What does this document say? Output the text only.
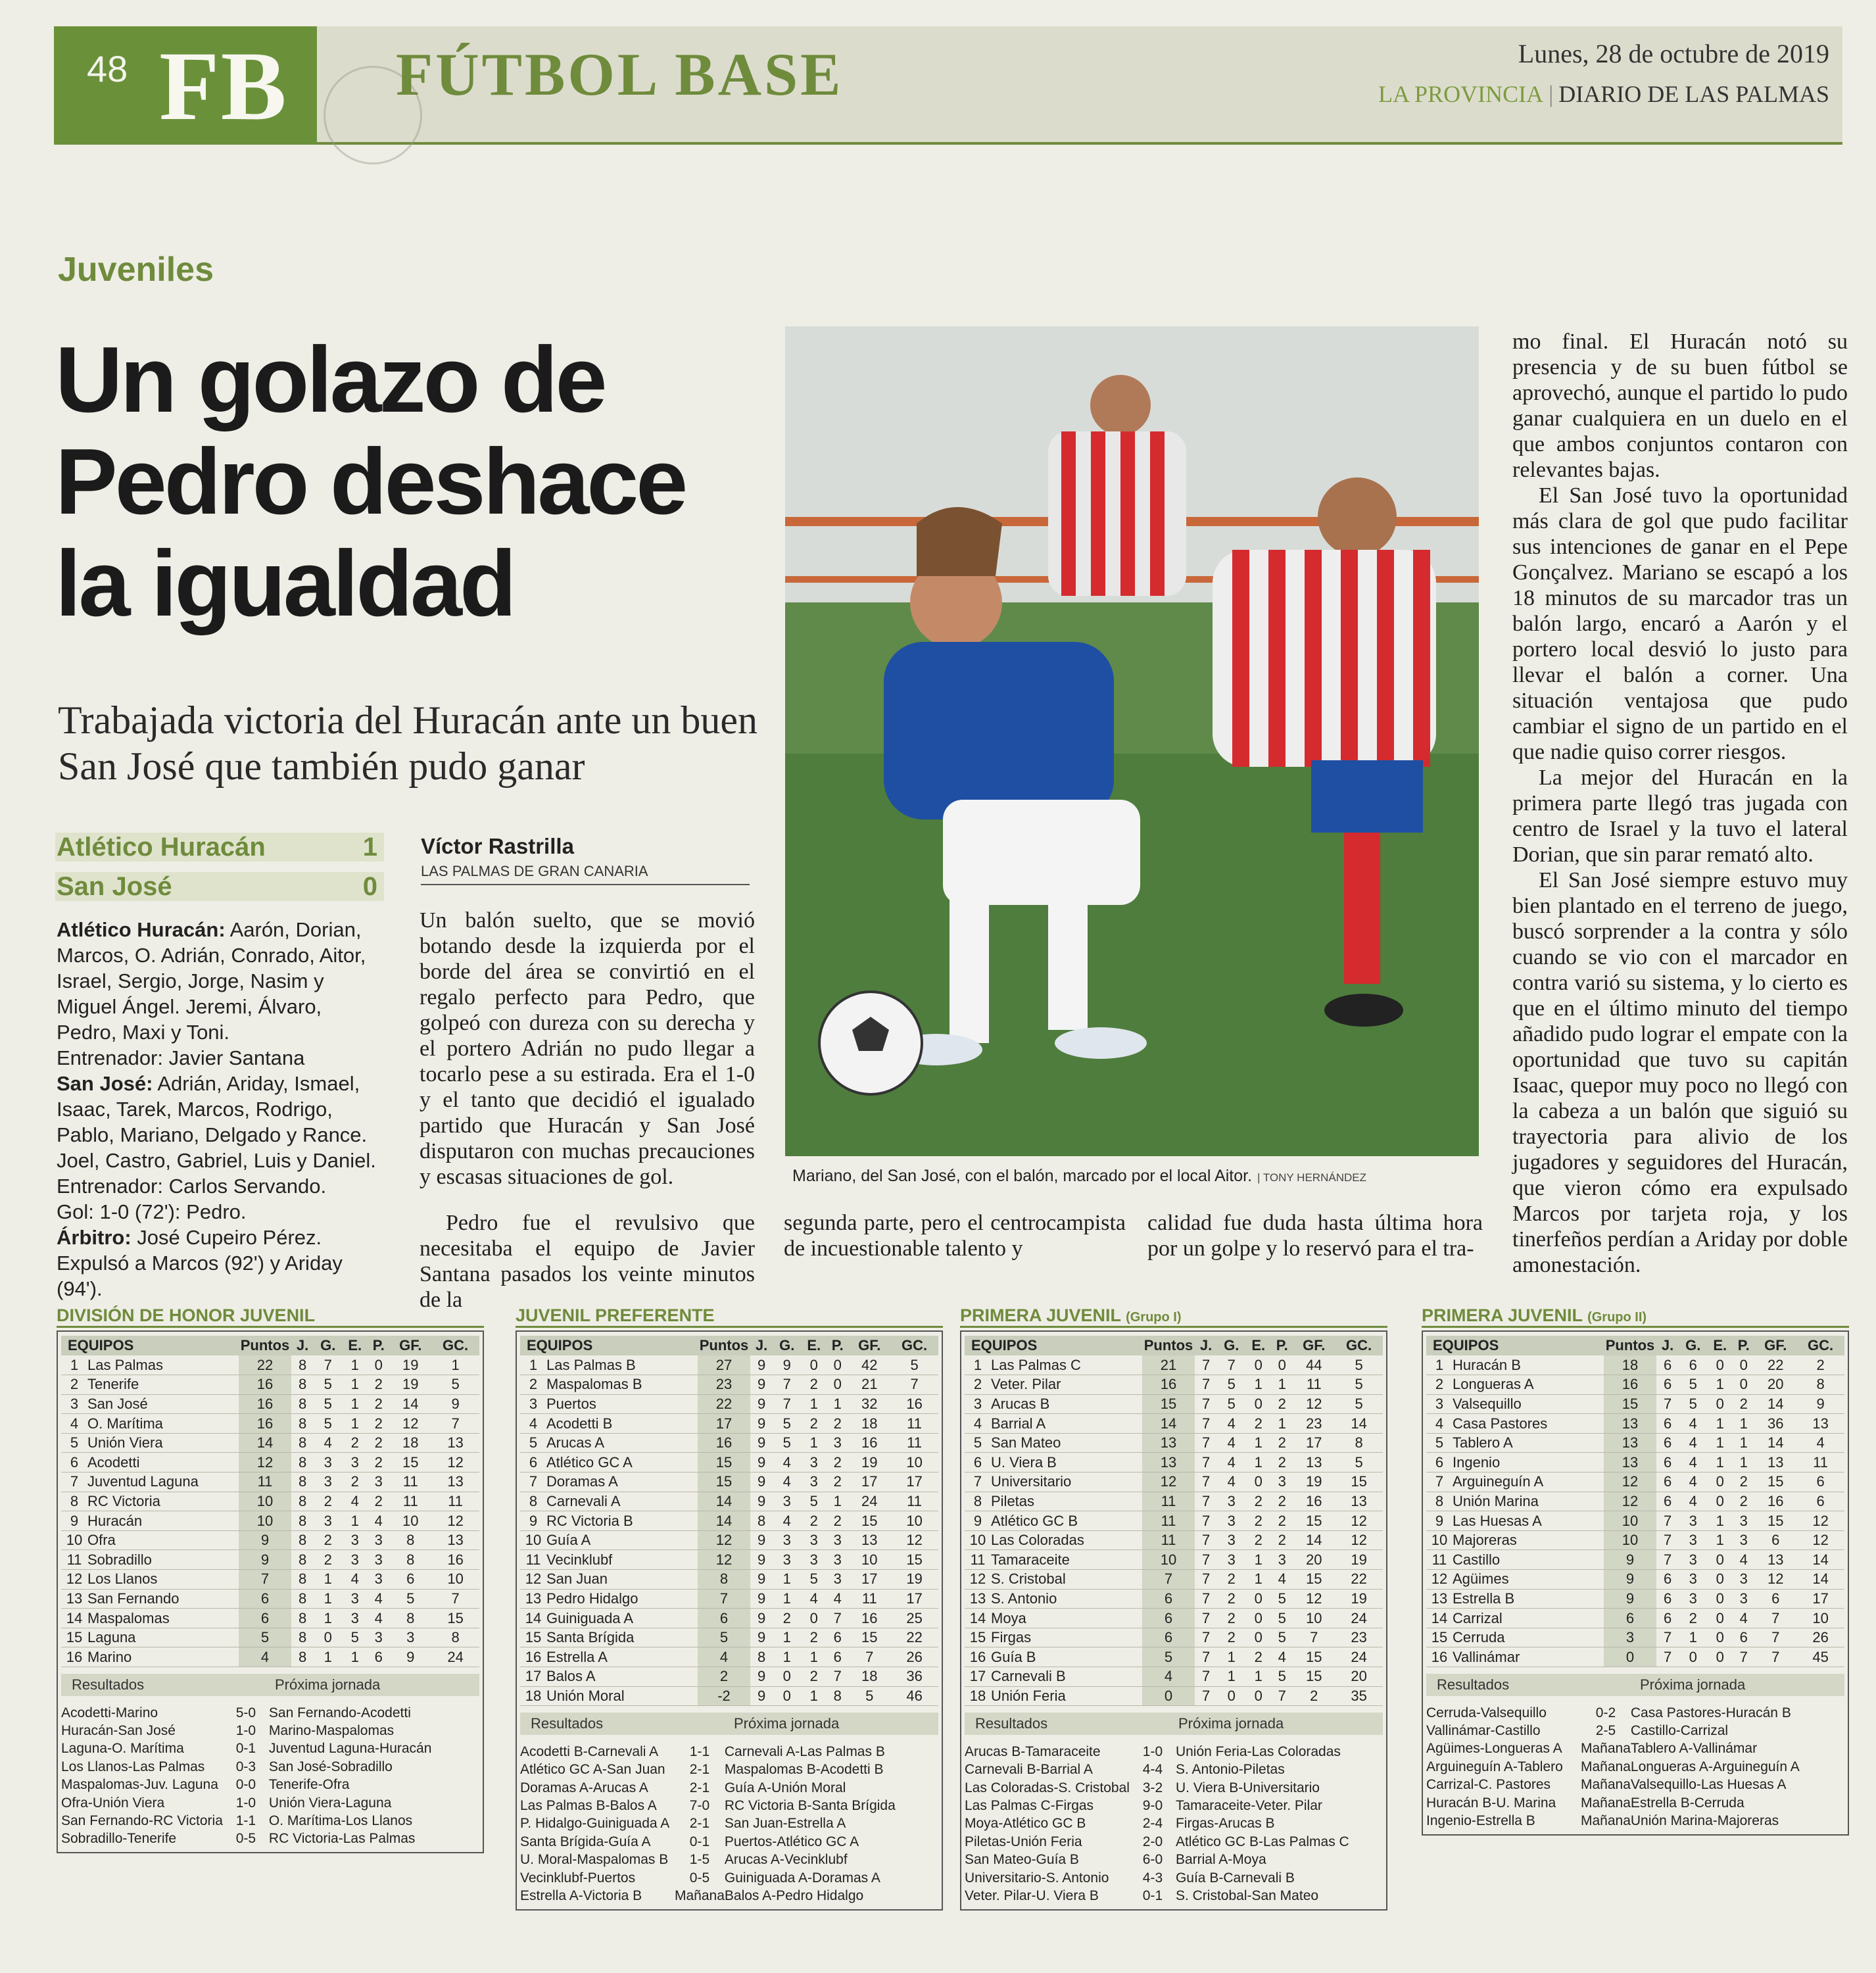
48 FB FÚTBOL BASE	Lunes, 28 de octubre de 2019
LA PROVINCIA | DIARIO DE LAS PALMAS
Juveniles
Un golazo de
Pedro deshace
la igualdad
Trabajada victoria del Huracán ante un buen San José que también pudo ganar
Atlético Huracán	1
San José	0
Atlético Huracán: Aarón, Dorian, Marcos, O. Adrián, Conrado, Aitor, Israel, Sergio, Jorge, Nasim y Miguel Ángel. Jeremi, Álvaro, Pedro, Maxi y Toni.
Entrenador: Javier Santana
San José: Adrián, Ariday, Ismael, Isaac, Tarek, Marcos, Rodrigo, Pablo, Mariano, Delgado y Rance. Joel, Castro, Gabriel, Luis y Daniel.
Entrenador: Carlos Servando.
Gol: 1-0 (72'): Pedro.
Árbitro: José Cupeiro Pérez. Expulsó a Marcos (92') y Ariday (94').
Víctor Rastrilla
LAS PALMAS DE GRAN CANARIA
Un balón suelto, que se movió botando desde la izquierda por el borde del área se convirtió en el regalo perfecto para Pedro, que golpeó con dureza con su derecha y el portero Adrián no pudo llegar a tocarlo pese a su estirada. Era el 1-0 y el tanto que decidió el igualado partido que Huracán y San José disputaron con muchas precauciones y escasas situaciones de gol.
Pedro fue el revulsivo que necesitaba el equipo de Javier Santana pasados los veinte minutos de la
segunda parte, pero el centrocampista de incuestionable talento y
calidad fue duda hasta última hora por un golpe y lo reservó para el tra-

mo final. El Huracán notó su presencia y de su buen fútbol se aprovechó, aunque el partido lo pudo ganar cualquiera en un duelo en el que ambos conjuntos contaron con relevantes bajas.

El San José tuvo la oportunidad más clara de gol que pudo facilitar sus intenciones de ganar en el Pepe Gonçalvez. Mariano se escapó a los 18 minutos de su marcador tras un balón largo, encaró a Aarón y el portero local desvió lo justo para llevar el balón a corner. Una situación ventajosa que pudo cambiar el signo de un partido en el que nadie quiso correr riesgos.

La mejor del Huracán en la primera parte llegó tras jugada con centro de Israel y la tuvo el lateral Dorian, que sin parar remató alto.

El San José siempre estuvo muy bien plantado en el terreno de juego, buscó sorprender a la contra y sólo cuando se vio con el marcador en contra varió su sistema, y lo cierto es que en el último minuto del tiempo añadido pudo lograr el empate con la oportunidad que tuvo su capitán Isaac, quepor muy poco no llegó con la cabeza a un balón que siguió su trayectoria para alivio de los jugadores y seguidores del Huracán, que vieron cómo era expulsado Marcos por tarjeta roja, y los tinerfeños perdían a Ariday por doble amonestación.

Mariano, del San José, con el balón, marcado por el local Aitor. | TONY HERNÁNDEZ
DIVISIÓN DE HONOR JUVENIL
EQUIPOS		Puntos	J.	G.	E.	P.	GF.	GC.
1	Las Palmas	22	8	7	1	0	19	1
2	Tenerife	16	8	5	1	2	19	5
3	San José	16	8	5	1	2	14	9
4	O. Marítima	16	8	5	1	2	12	7
5	Unión Viera	14	8	4	2	2	18	13
6	Acodetti	12	8	3	3	2	15	12
7	Juventud Laguna	11	8	3	2	3	11	13
8	RC Victoria	10	8	2	4	2	11	11
9	Huracán	10	8	3	1	4	10	12
10	Ofra	9	8	2	3	3	8	13
11	Sobradillo	9	8	2	3	3	8	16
12	Los Llanos	7	8	1	4	3	6	10
13	San Fernando	6	8	1	3	4	5	7
14	Maspalomas	6	8	1	3	4	8	15
15	Laguna	5	8	0	5	3	3	8
16	Marino	4	8	1	1	6	9	24
Resultados	Próxima jornada
Acodetti-Marino	5-0	San Fernando-Acodetti
Huracán-San José	1-0	Marino-Maspalomas
Laguna-O. Marítima	0-1	Juventud Laguna-Huracán
Los Llanos-Las Palmas	0-3	San José-Sobradillo
Maspalomas-Juv. Laguna	0-0	Tenerife-Ofra
Ofra-Unión Viera	1-0	Unión Viera-Laguna
San Fernando-RC Victoria	1-1	O. Marítima-Los Llanos
Sobradillo-Tenerife	0-5	RC Victoria-Las Palmas
JUVENIL PREFERENTE
EQUIPOS		Puntos	J.	G.	E.	P.	GF.	GC.
1	Las Palmas B	27	9	9	0	0	42	5
2	Maspalomas B	23	9	7	2	0	21	7
3	Puertos	22	9	7	1	1	32	16
4	Acodetti B	17	9	5	2	2	18	11
5	Arucas A	16	9	5	1	3	16	11
6	Atlético GC A	15	9	4	3	2	19	10
7	Doramas A	15	9	4	3	2	17	17
8	Carnevali A	14	9	3	5	1	24	11
9	RC Victoria B	14	8	4	2	2	15	10
10	Guía A	12	9	3	3	3	13	12
11	Vecinklubf	12	9	3	3	3	10	15
12	San Juan	8	9	1	5	3	17	19
13	Pedro Hidalgo	7	9	1	4	4	11	17
14	Guiniguada A	6	9	2	0	7	16	25
15	Santa Brígida	5	9	1	2	6	15	22
16	Estrella A	4	8	1	1	6	7	26
17	Balos A	2	9	0	2	7	18	36
18	Unión Moral	-2	9	0	1	8	5	46
Resultados	Próxima jornada
Acodetti B-Carnevali A	1-1	Carnevali A-Las Palmas B
Atlético GC A-San Juan	2-1	Maspalomas B-Acodetti B
Doramas A-Arucas A	2-1	Guía A-Unión Moral
Las Palmas B-Balos A	7-0	RC Victoria B-Santa Brígida
P. Hidalgo-Guiniguada A	2-1	San Juan-Estrella A
Santa Brígida-Guía A	0-1	Puertos-Atlético GC A
U. Moral-Maspalomas B	1-5	Arucas A-Vecinklubf
Vecinklubf-Puertos	0-5	Guiniguada A-Doramas A
Estrella A-Victoria B	Mañana	Balos A-Pedro Hidalgo
PRIMERA JUVENIL (Grupo I)
EQUIPOS		Puntos	J.	G.	E.	P.	GF.	GC.
1	Las Palmas C	21	7	7	0	0	44	5
2	Veter. Pilar	16	7	5	1	1	11	5
3	Arucas B	15	7	5	0	2	12	5
4	Barrial A	14	7	4	2	1	23	14
5	San Mateo	13	7	4	1	2	17	8
6	U. Viera B	13	7	4	1	2	13	5
7	Universitario	12	7	4	0	3	19	15
8	Piletas	11	7	3	2	2	16	13
9	Atlético GC B	11	7	3	2	2	15	12
10	Las Coloradas	11	7	3	2	2	14	12
11	Tamaraceite	10	7	3	1	3	20	19
12	S. Cristobal	7	7	2	1	4	15	22
13	S. Antonio	6	7	2	0	5	12	19
14	Moya	6	7	2	0	5	10	24
15	Firgas	6	7	2	0	5	7	23
16	Guía B	5	7	1	2	4	15	24
17	Carnevali B	4	7	1	1	5	15	20
18	Unión Feria	0	7	0	0	7	2	35
Resultados	Próxima jornada
Arucas B-Tamaraceite	1-0	Unión Feria-Las Coloradas
Carnevali B-Barrial A	4-4	S. Antonio-Piletas
Las Coloradas-S. Cristobal	3-2	U. Viera B-Universitario
Las Palmas C-Firgas	9-0	Tamaraceite-Veter. Pilar
Moya-Atlético GC B	2-4	Firgas-Arucas B
Piletas-Unión Feria	2-0	Atlético GC B-Las Palmas C
San Mateo-Guía B	6-0	Barrial A-Moya
Universitario-S. Antonio	4-3	Guía B-Carnevali B
Veter. Pilar-U. Viera B	0-1	S. Cristobal-San Mateo
PRIMERA JUVENIL (Grupo II)
EQUIPOS		Puntos	J.	G.	E.	P.	GF.	GC.
1	Huracán B	18	6	6	0	0	22	2
2	Longueras A	16	6	5	1	0	20	8
3	Valsequillo	15	7	5	0	2	14	9
4	Casa Pastores	13	6	4	1	1	36	13
5	Tablero A	13	6	4	1	1	14	4
6	Ingenio	13	6	4	1	1	13	11
7	Arguineguín A	12	6	4	0	2	15	6
8	Unión Marina	12	6	4	0	2	16	6
9	Las Huesas A	10	7	3	1	3	15	12
10	Majoreras	10	7	3	1	3	6	12
11	Castillo	9	7	3	0	4	13	14
12	Agüimes	9	6	3	0	3	12	14
13	Estrella B	9	6	3	0	3	6	17
14	Carrizal	6	6	2	0	4	7	10
15	Cerruda	3	7	1	0	6	7	26
16	Vallinámar	0	7	0	0	7	7	45
Resultados	Próxima jornada
Cerruda-Valsequillo	0-2	Casa Pastores-Huracán B
Vallinámar-Castillo	2-5	Castillo-Carrizal
Agüimes-Longueras A	Mañana	Tablero A-Vallinámar
Arguineguín A-Tablero	Mañana	Longueras A-Arguineguín A
Carrizal-C. Pastores	Mañana	Valsequillo-Las Huesas A
Huracán B-U. Marina	Mañana	Estrella B-Cerruda
Ingenio-Estrella B	Mañana	Unión Marina-Majoreras
